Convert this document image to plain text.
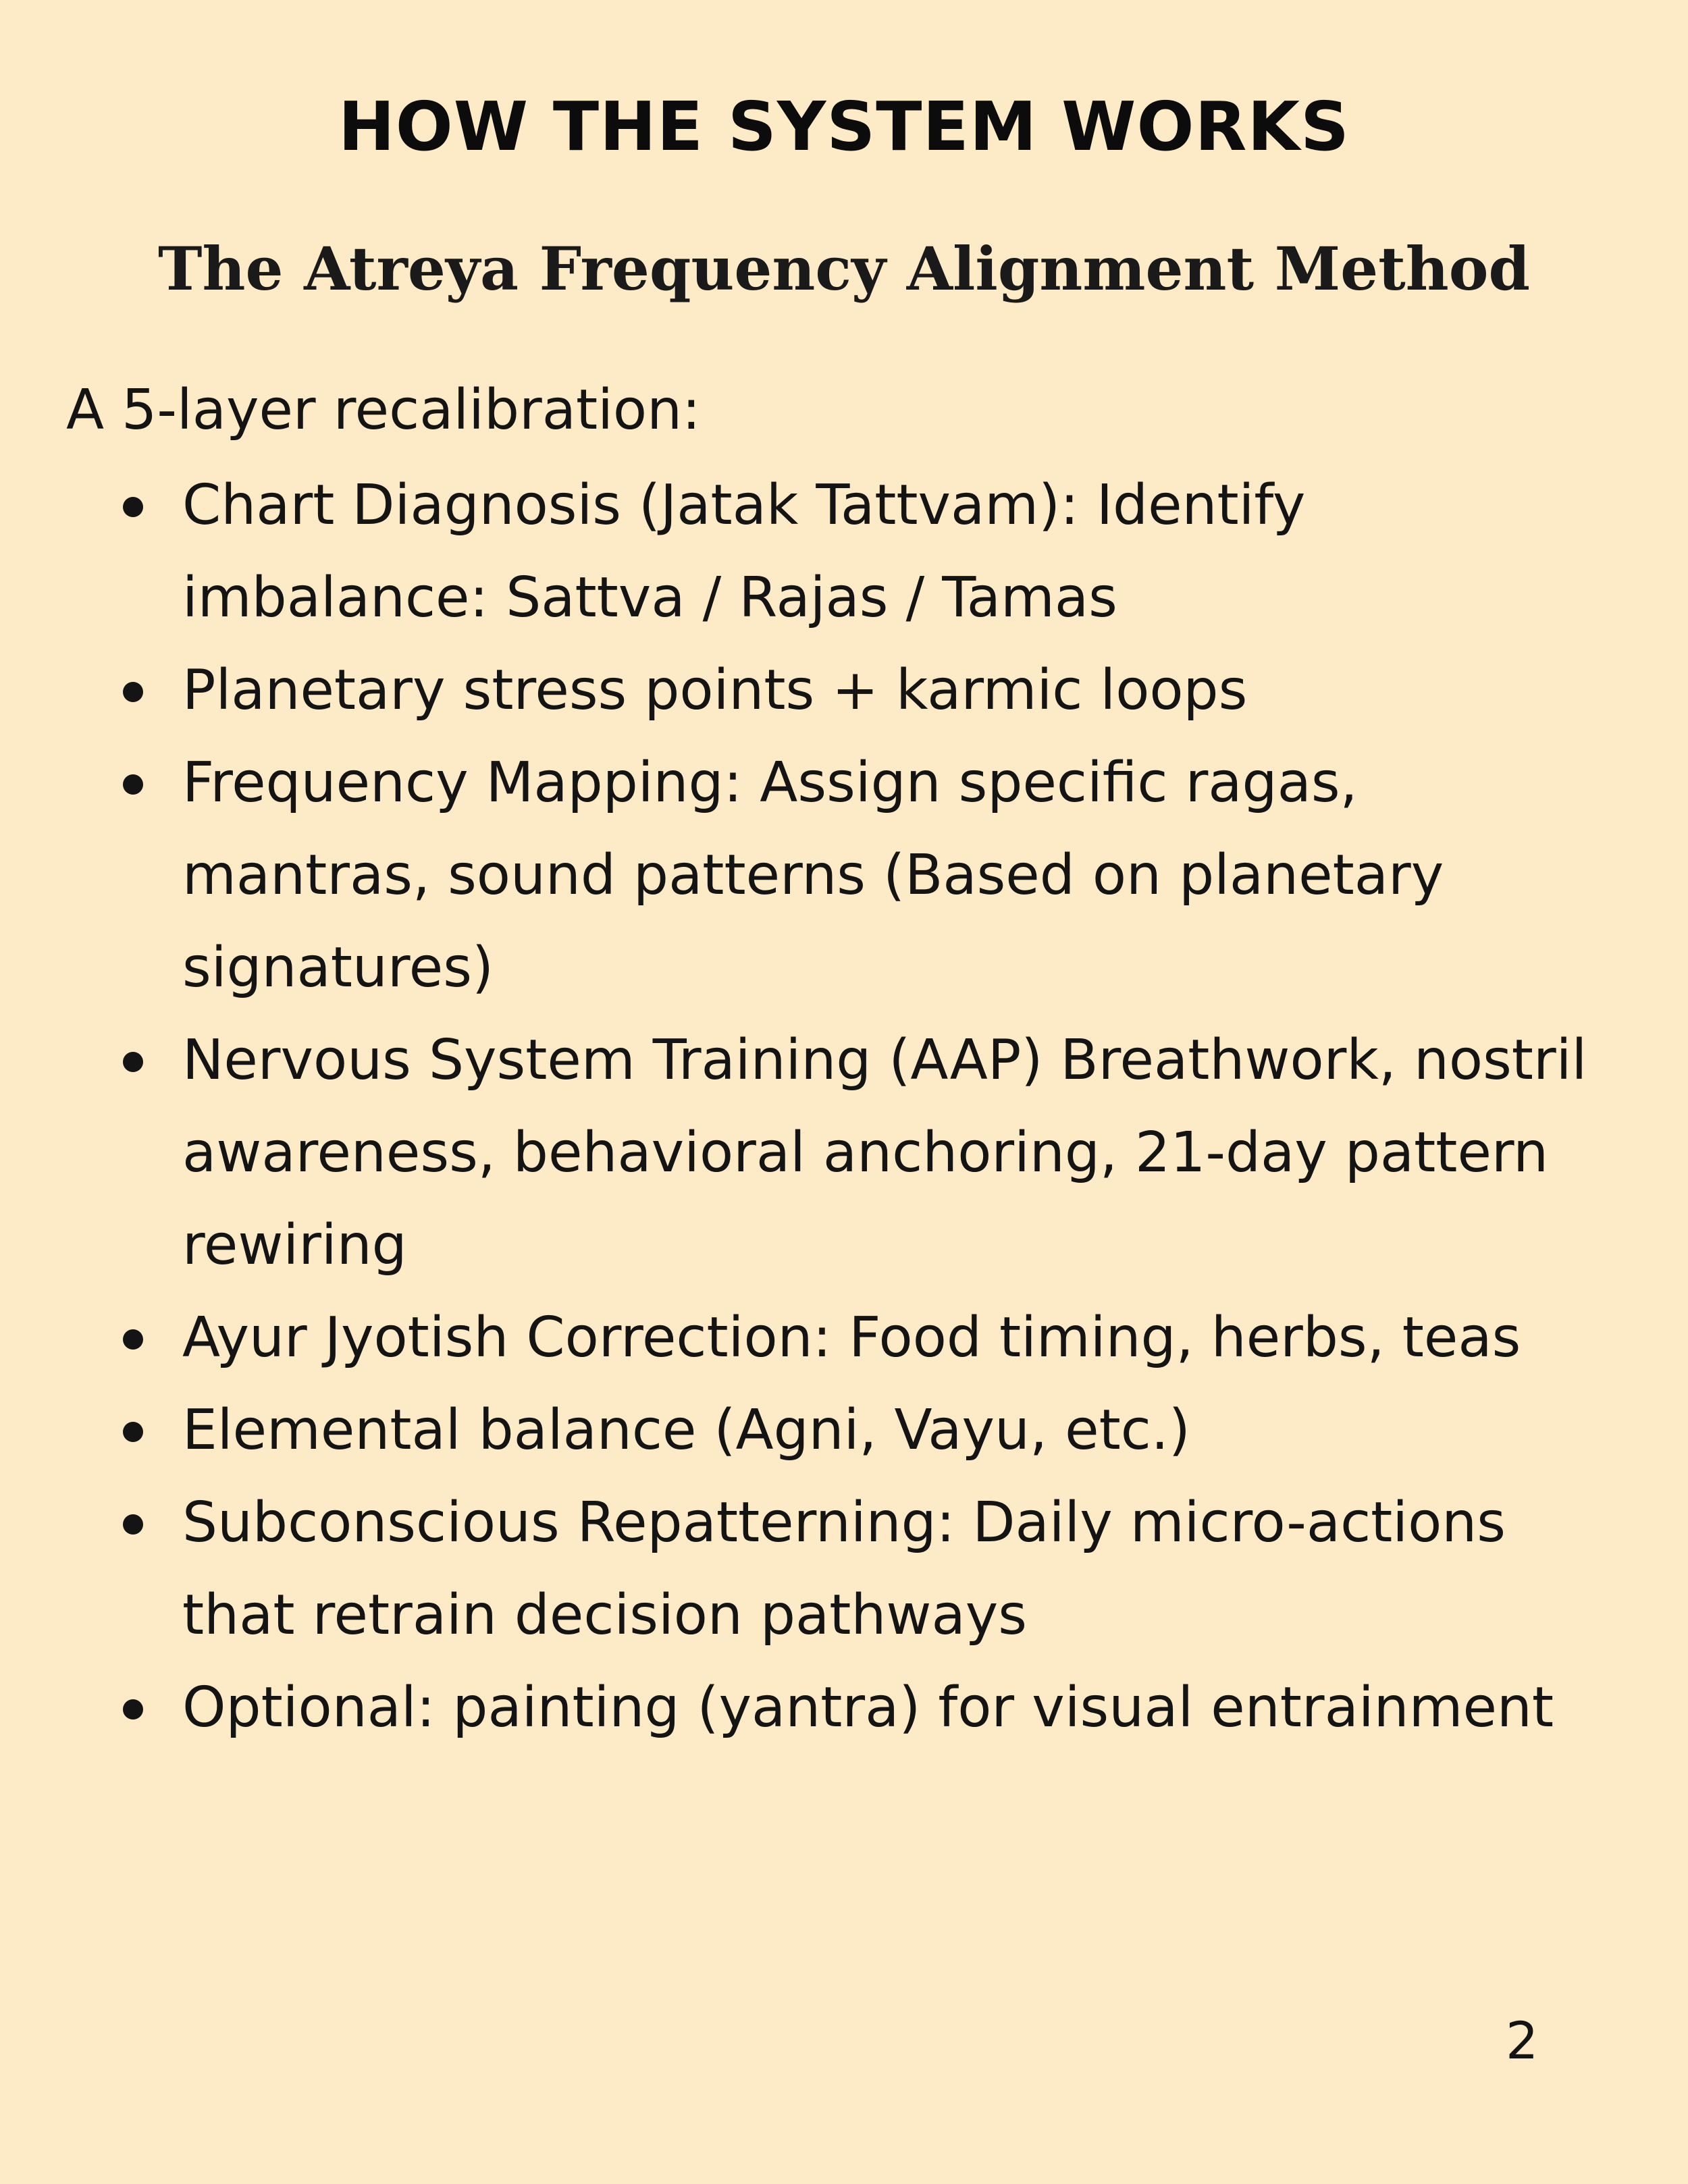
HOW THE SYSTEM WORKS
The Atreya Frequency Alignment Method

A 5-layer recalibration:

Chart Diagnosis (Jatak Tattvam): Identify imbalance: Sattva / Rajas / Tamas
Planetary stress points + karmic loops
Frequency Mapping: Assign specific ragas, mantras, sound patterns (Based on planetary signatures)
Nervous System Training (AAP) Breathwork, nostril awareness, behavioral anchoring, 21-day pattern rewiring
Ayur Jyotish Correction: Food timing, herbs, teas
Elemental balance (Agni, Vayu, etc.)
Subconscious Repatterning: Daily micro-actions that retrain decision pathways
Optional: painting (yantra) for visual entrainment
2
